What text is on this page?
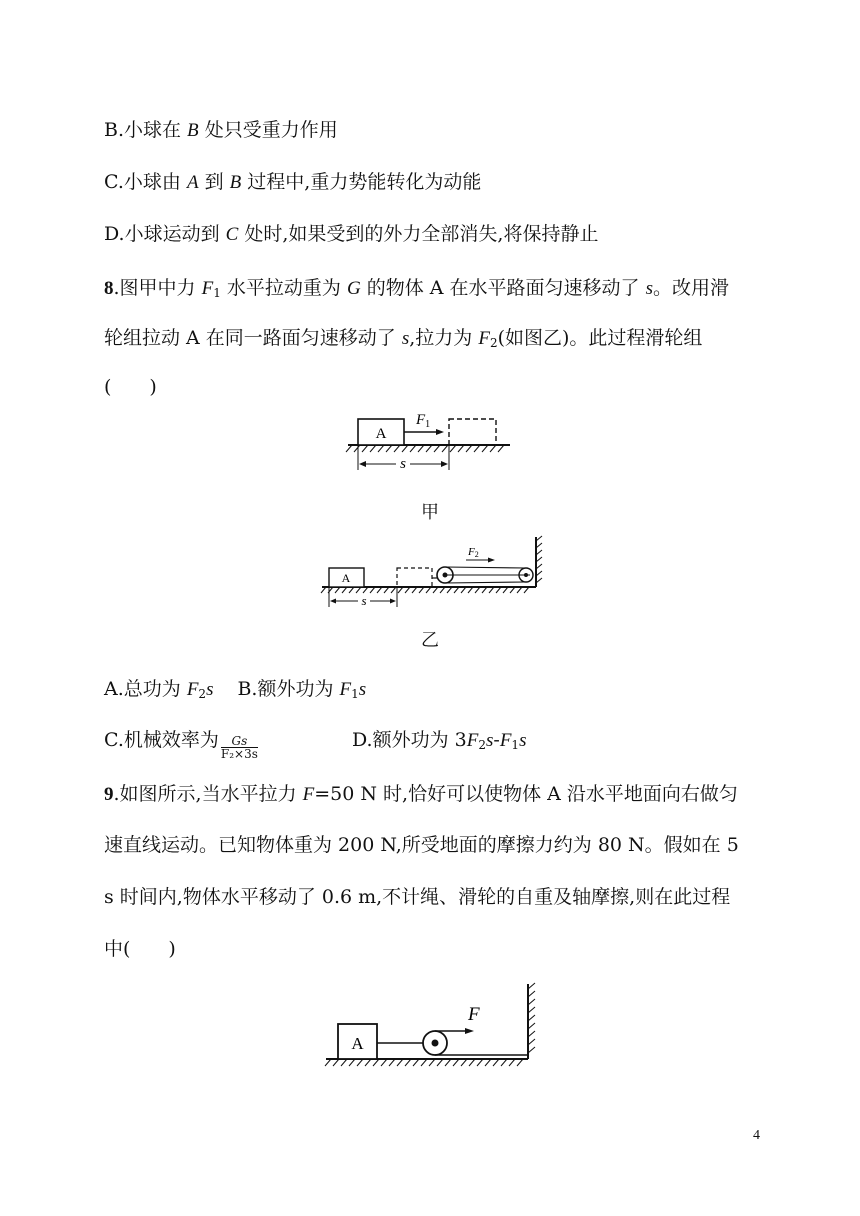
B.小球在 B 处只受重力作用
C.小球由 A 到 B 过程中,重力势能转化为动能
D.小球运动到 C 处时,如果受到的外力全部消失,将保持静止
8.图甲中力 $F_1$ 水平拉动重为 G 的物体 A 在水平路面匀速移动了 s。改用滑
轮组拉动 A 在同一路面匀速移动了 s,拉力为 $F_2$(如图乙)。此过程滑轮组
(　　)
A
$F_1$
s
甲
A
F2
s
乙
A.总功为 $F_2s$ B.额外功为 $F_1s$
C.机械效率为 $\frac{Gs}{\text{F₂×3s}}$	D.额外功为 $3F_2s-F_1s$
9.如图所示,当水平拉力 F=50 N 时,恰好可以使物体 A 沿水平地面向右做匀
速直线运动。已知物体重为 200 N,所受地面的摩擦力约为 80 N。假如在 5
s 时间内,物体水平移动了 0.6 m,不计绳、滑轮的自重及轴摩擦,则在此过程
中(　　)
A
F
4
